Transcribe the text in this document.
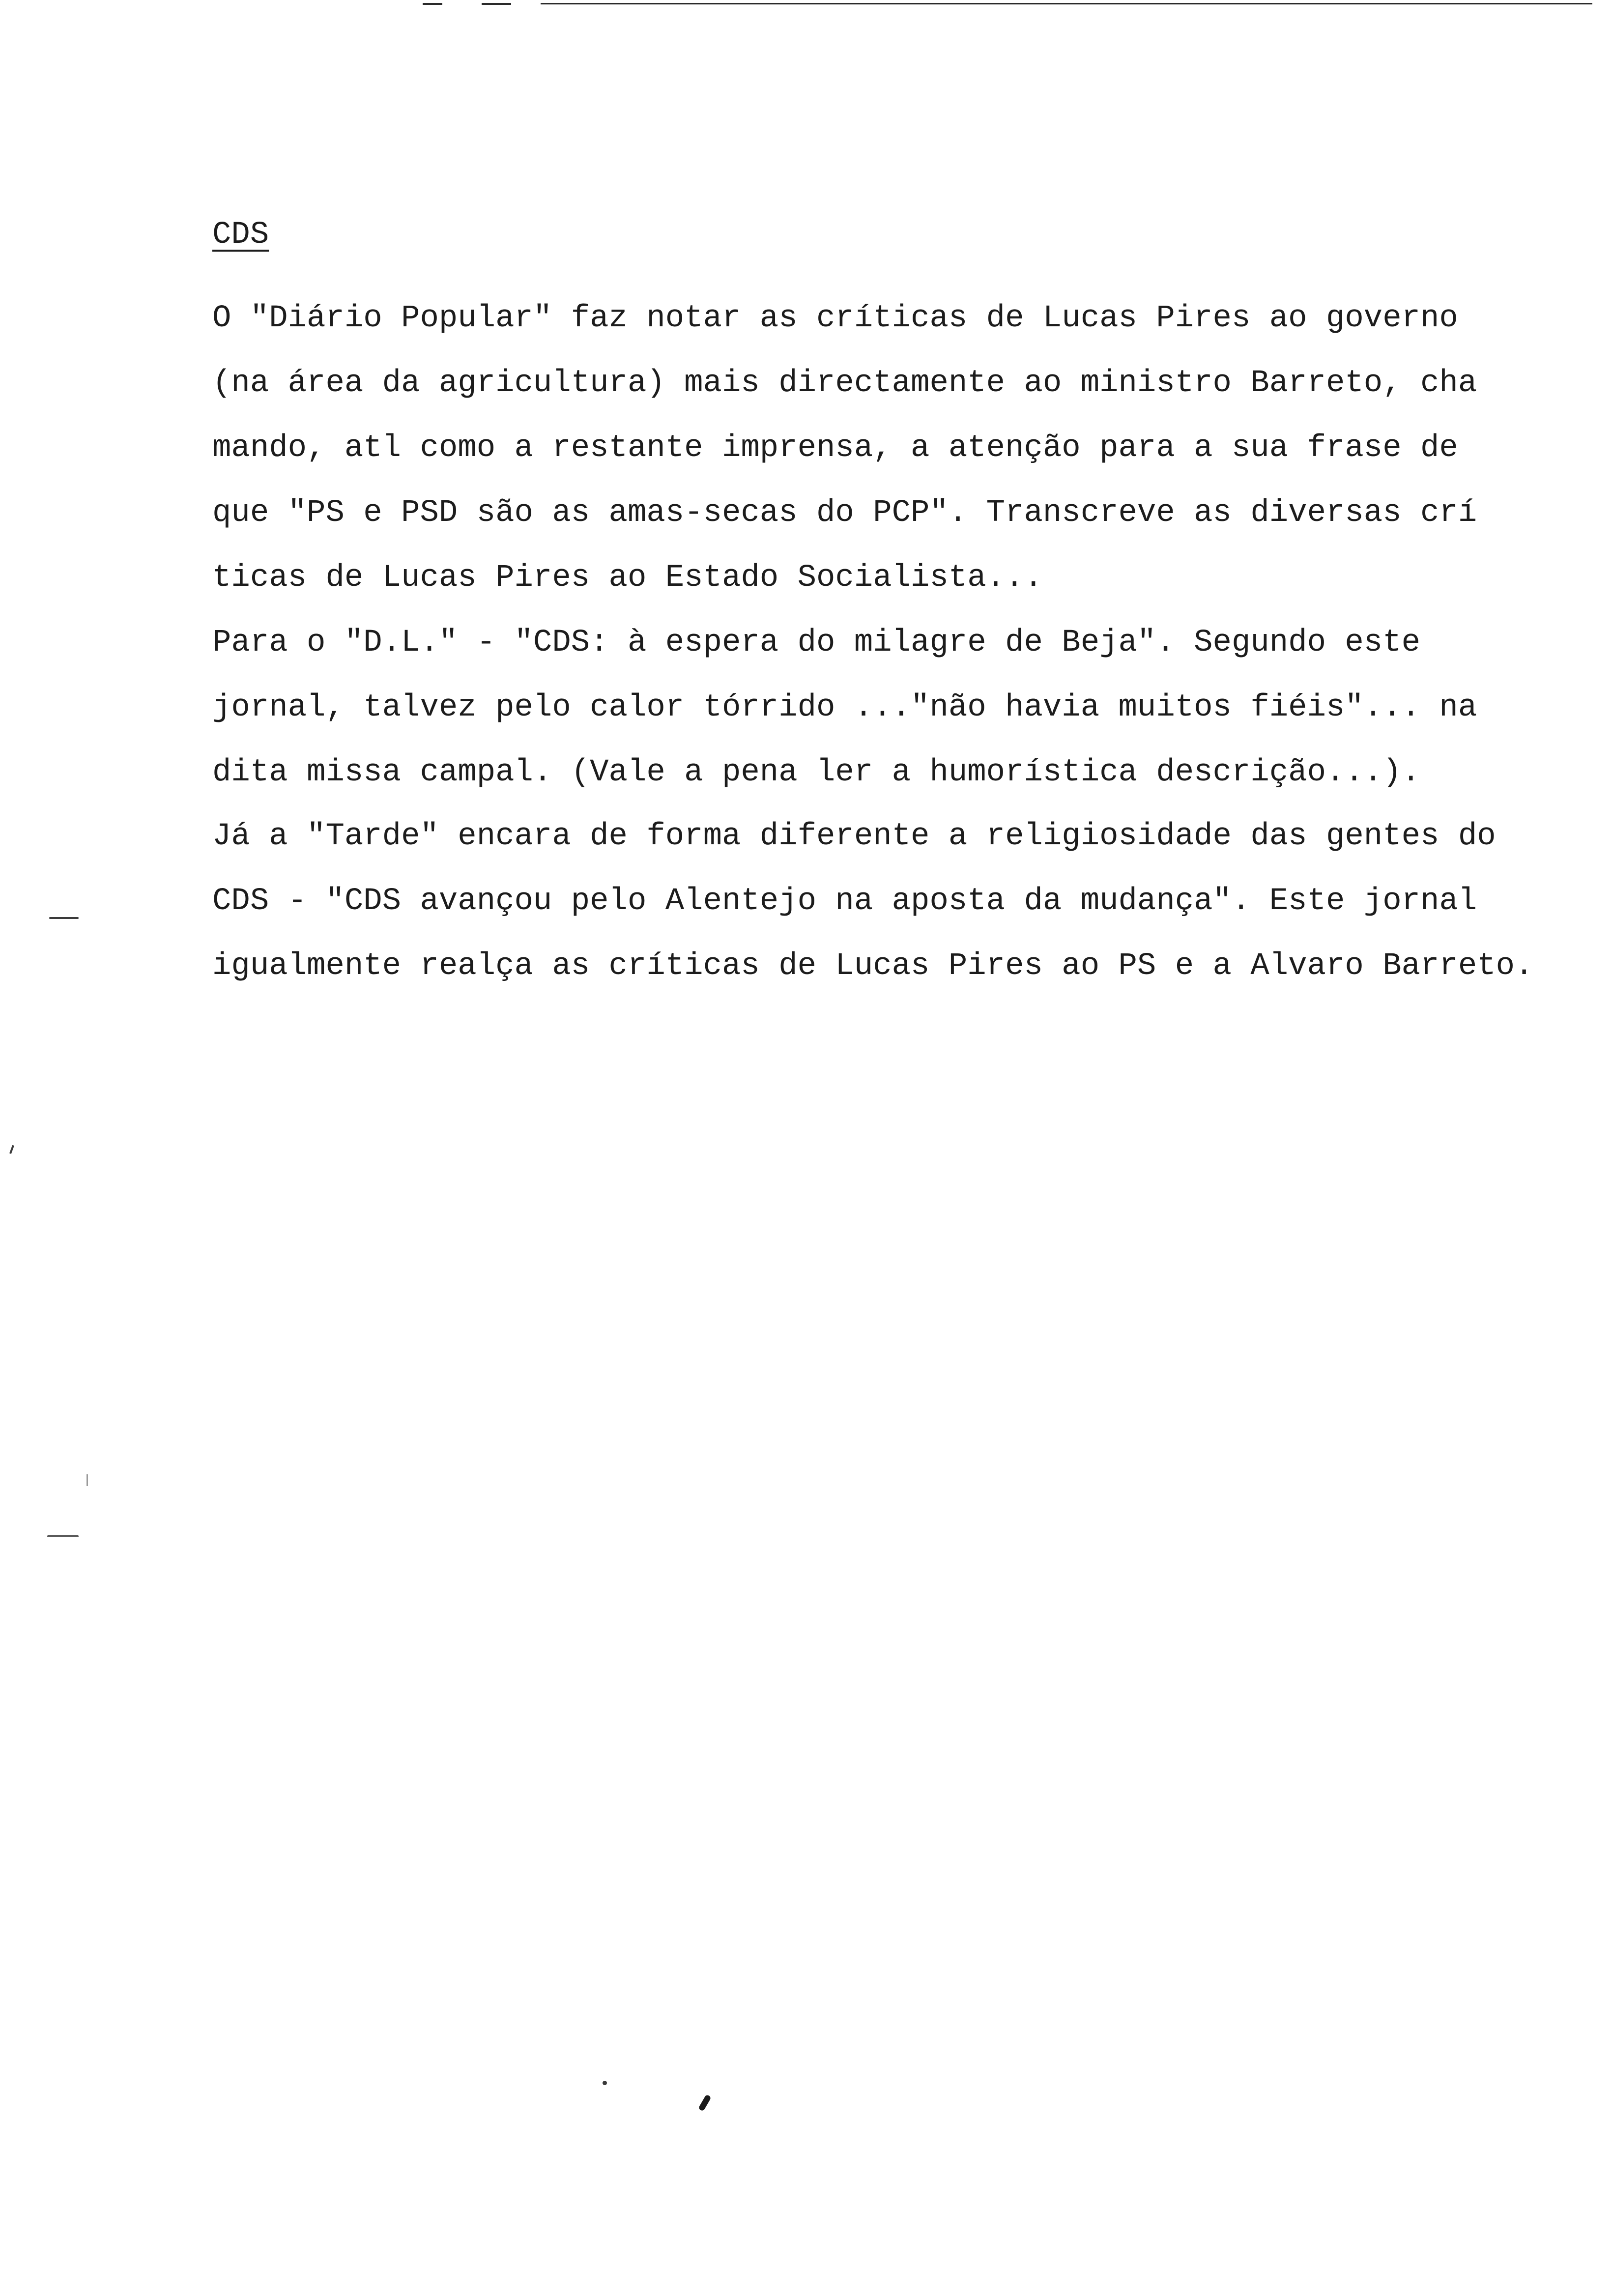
CDS

O "Diário Popular" faz notar as críticas de Lucas Pires ao governo

(na área da agricultura) mais directamente ao ministro Barreto, cha

mando, atl como a restante imprensa, a atenção para a sua frase de

que "PS e PSD são as amas-secas do PCP". Transcreve as diversas crí

ticas de Lucas Pires ao Estado Socialista...

Para o "D.L." - "CDS: à espera do milagre de Beja". Segundo este

jornal, talvez pelo calor tórrido ..."não havia muitos fiéis"... na

dita missa campal. (Vale a pena ler a humorística descrição...).

Já a "Tarde" encara de forma diferente a religiosidade das gentes do

CDS - "CDS avançou pelo Alentejo na aposta da mudança". Este jornal

igualmente realça as críticas de Lucas Pires ao PS e a Alvaro Barreto.
